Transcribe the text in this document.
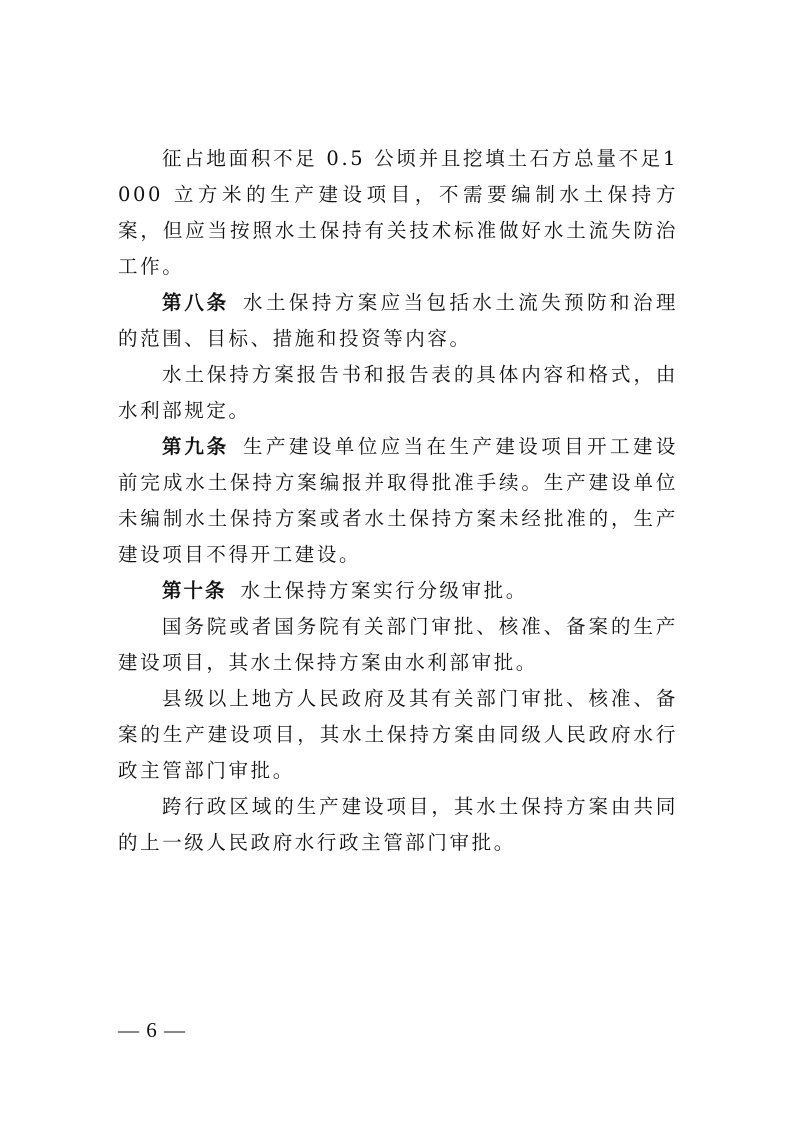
征占地面积不足 0.5 公顷并且挖填土石方总量不足1000 立方米的生产建设项目，不需要编制水土保持方案，但应当按照水土保持有关技术标准做好水土流失防治工作。

第八条 水土保持方案应当包括水土流失预防和治理的范围、目标、措施和投资等内容。

水土保持方案报告书和报告表的具体内容和格式，由水利部规定。

第九条 生产建设单位应当在生产建设项目开工建设前完成水土保持方案编报并取得批准手续。生产建设单位未编制水土保持方案或者水土保持方案未经批准的，生产建设项目不得开工建设。

第十条 水土保持方案实行分级审批。

国务院或者国务院有关部门审批、核准、备案的生产建设项目，其水土保持方案由水利部审批。

县级以上地方人民政府及其有关部门审批、核准、备案的生产建设项目，其水土保持方案由同级人民政府水行政主管部门审批。

跨行政区域的生产建设项目，其水土保持方案由共同的上一级人民政府水行政主管部门审批。

— 6 —
